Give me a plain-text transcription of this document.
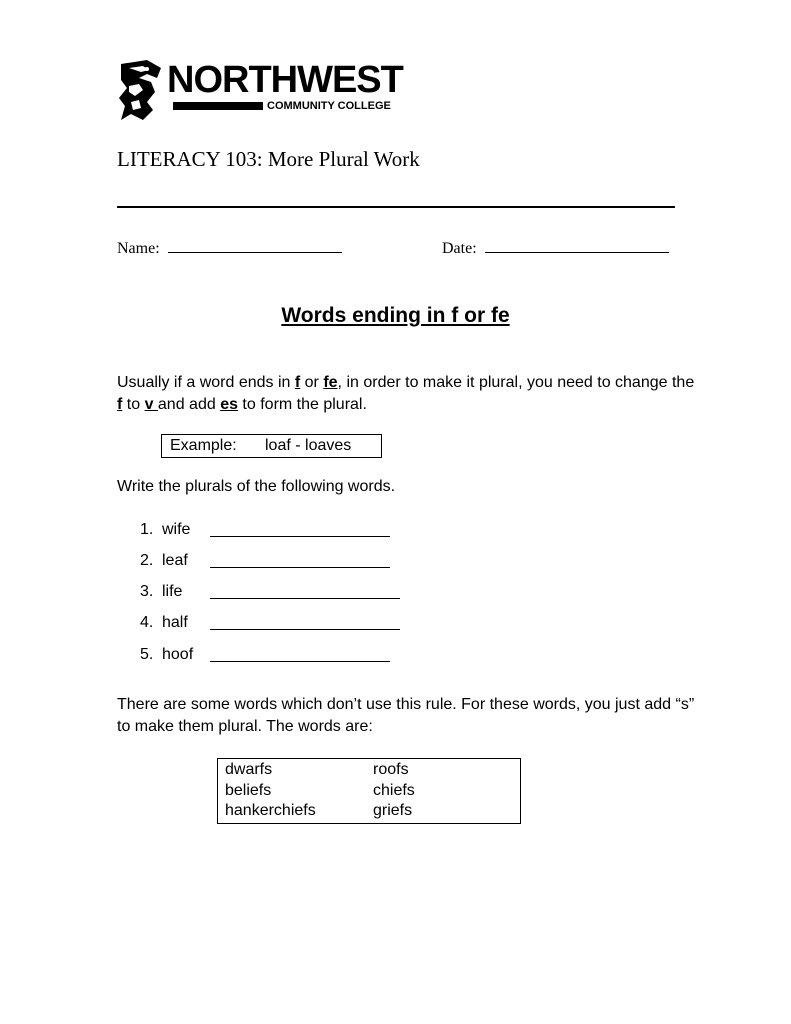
NORTHWEST
COMMUNITY COLLEGE
LITERACY 103: More Plural Work
Name:	Date:
Words ending in f or fe
Usually if a word ends in f or fe, in order to make it plural, you need to change the f to v and add es to form the plural.
Example: loaf - loaves
Write the plurals of the following words.
1. wife
2. leaf
3. life
4. half
5. hoof
There are some words which don’t use this rule. For these words, you just add “s” to make them plural. The words are:
dwarfs
beliefs
hankerchiefs
roofs
chiefs
griefs
